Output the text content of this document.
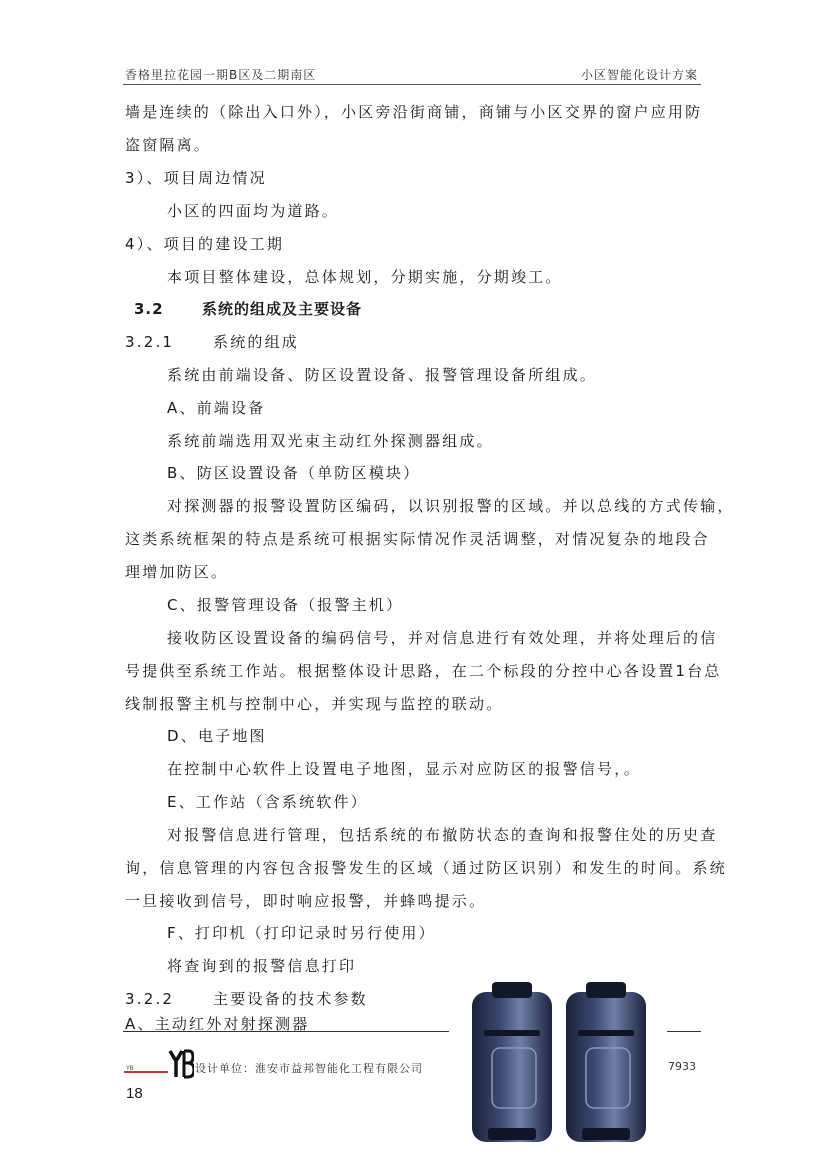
香格里拉花园一期B区及二期南区	小区智能化设计方案
墙是连续的（除出入口外），小区旁沿街商铺，商铺与小区交界的窗户应用防
盗窗隔离。
3）、项目周边情况
小区的四面均为道路。
4）、项目的建设工期
本项目整体建设，总体规划，分期实施，分期竣工。
3.2	系统的组成及主要设备
3.2.1	系统的组成
系统由前端设备、防区设置设备、报警管理设备所组成。
A、前端设备
系统前端选用双光束主动红外探测器组成。
B、防区设置设备（单防区模块）
对探测器的报警设置防区编码，以识别报警的区域。并以总线的方式传输，
这类系统框架的特点是系统可根据实际情况作灵活调整，对情况复杂的地段合
理增加防区。
C、报警管理设备（报警主机）
接收防区设置设备的编码信号，并对信息进行有效处理，并将处理后的信
号提供至系统工作站。根据整体设计思路，在二个标段的分控中心各设置1台总
线制报警主机与控制中心，并实现与监控的联动。
D、电子地图
在控制中心软件上设置电子地图，显示对应防区的报警信号，。
E、工作站（含系统软件）
对报警信息进行管理，包括系统的布撤防状态的查询和报警住处的历史查
询，信息管理的内容包含报警发生的区域（通过防区识别）和发生的时间。系统
一旦接收到信号，即时响应报警，并蜂鸣提示。
F、打印机（打印记录时另行使用）
将查询到的报警信息打印
3.2.2	主要设备的技术参数
A、主动红外对射探测器
YB	设计单位：淮安市益邦智能化工程有限公司	7933
18
